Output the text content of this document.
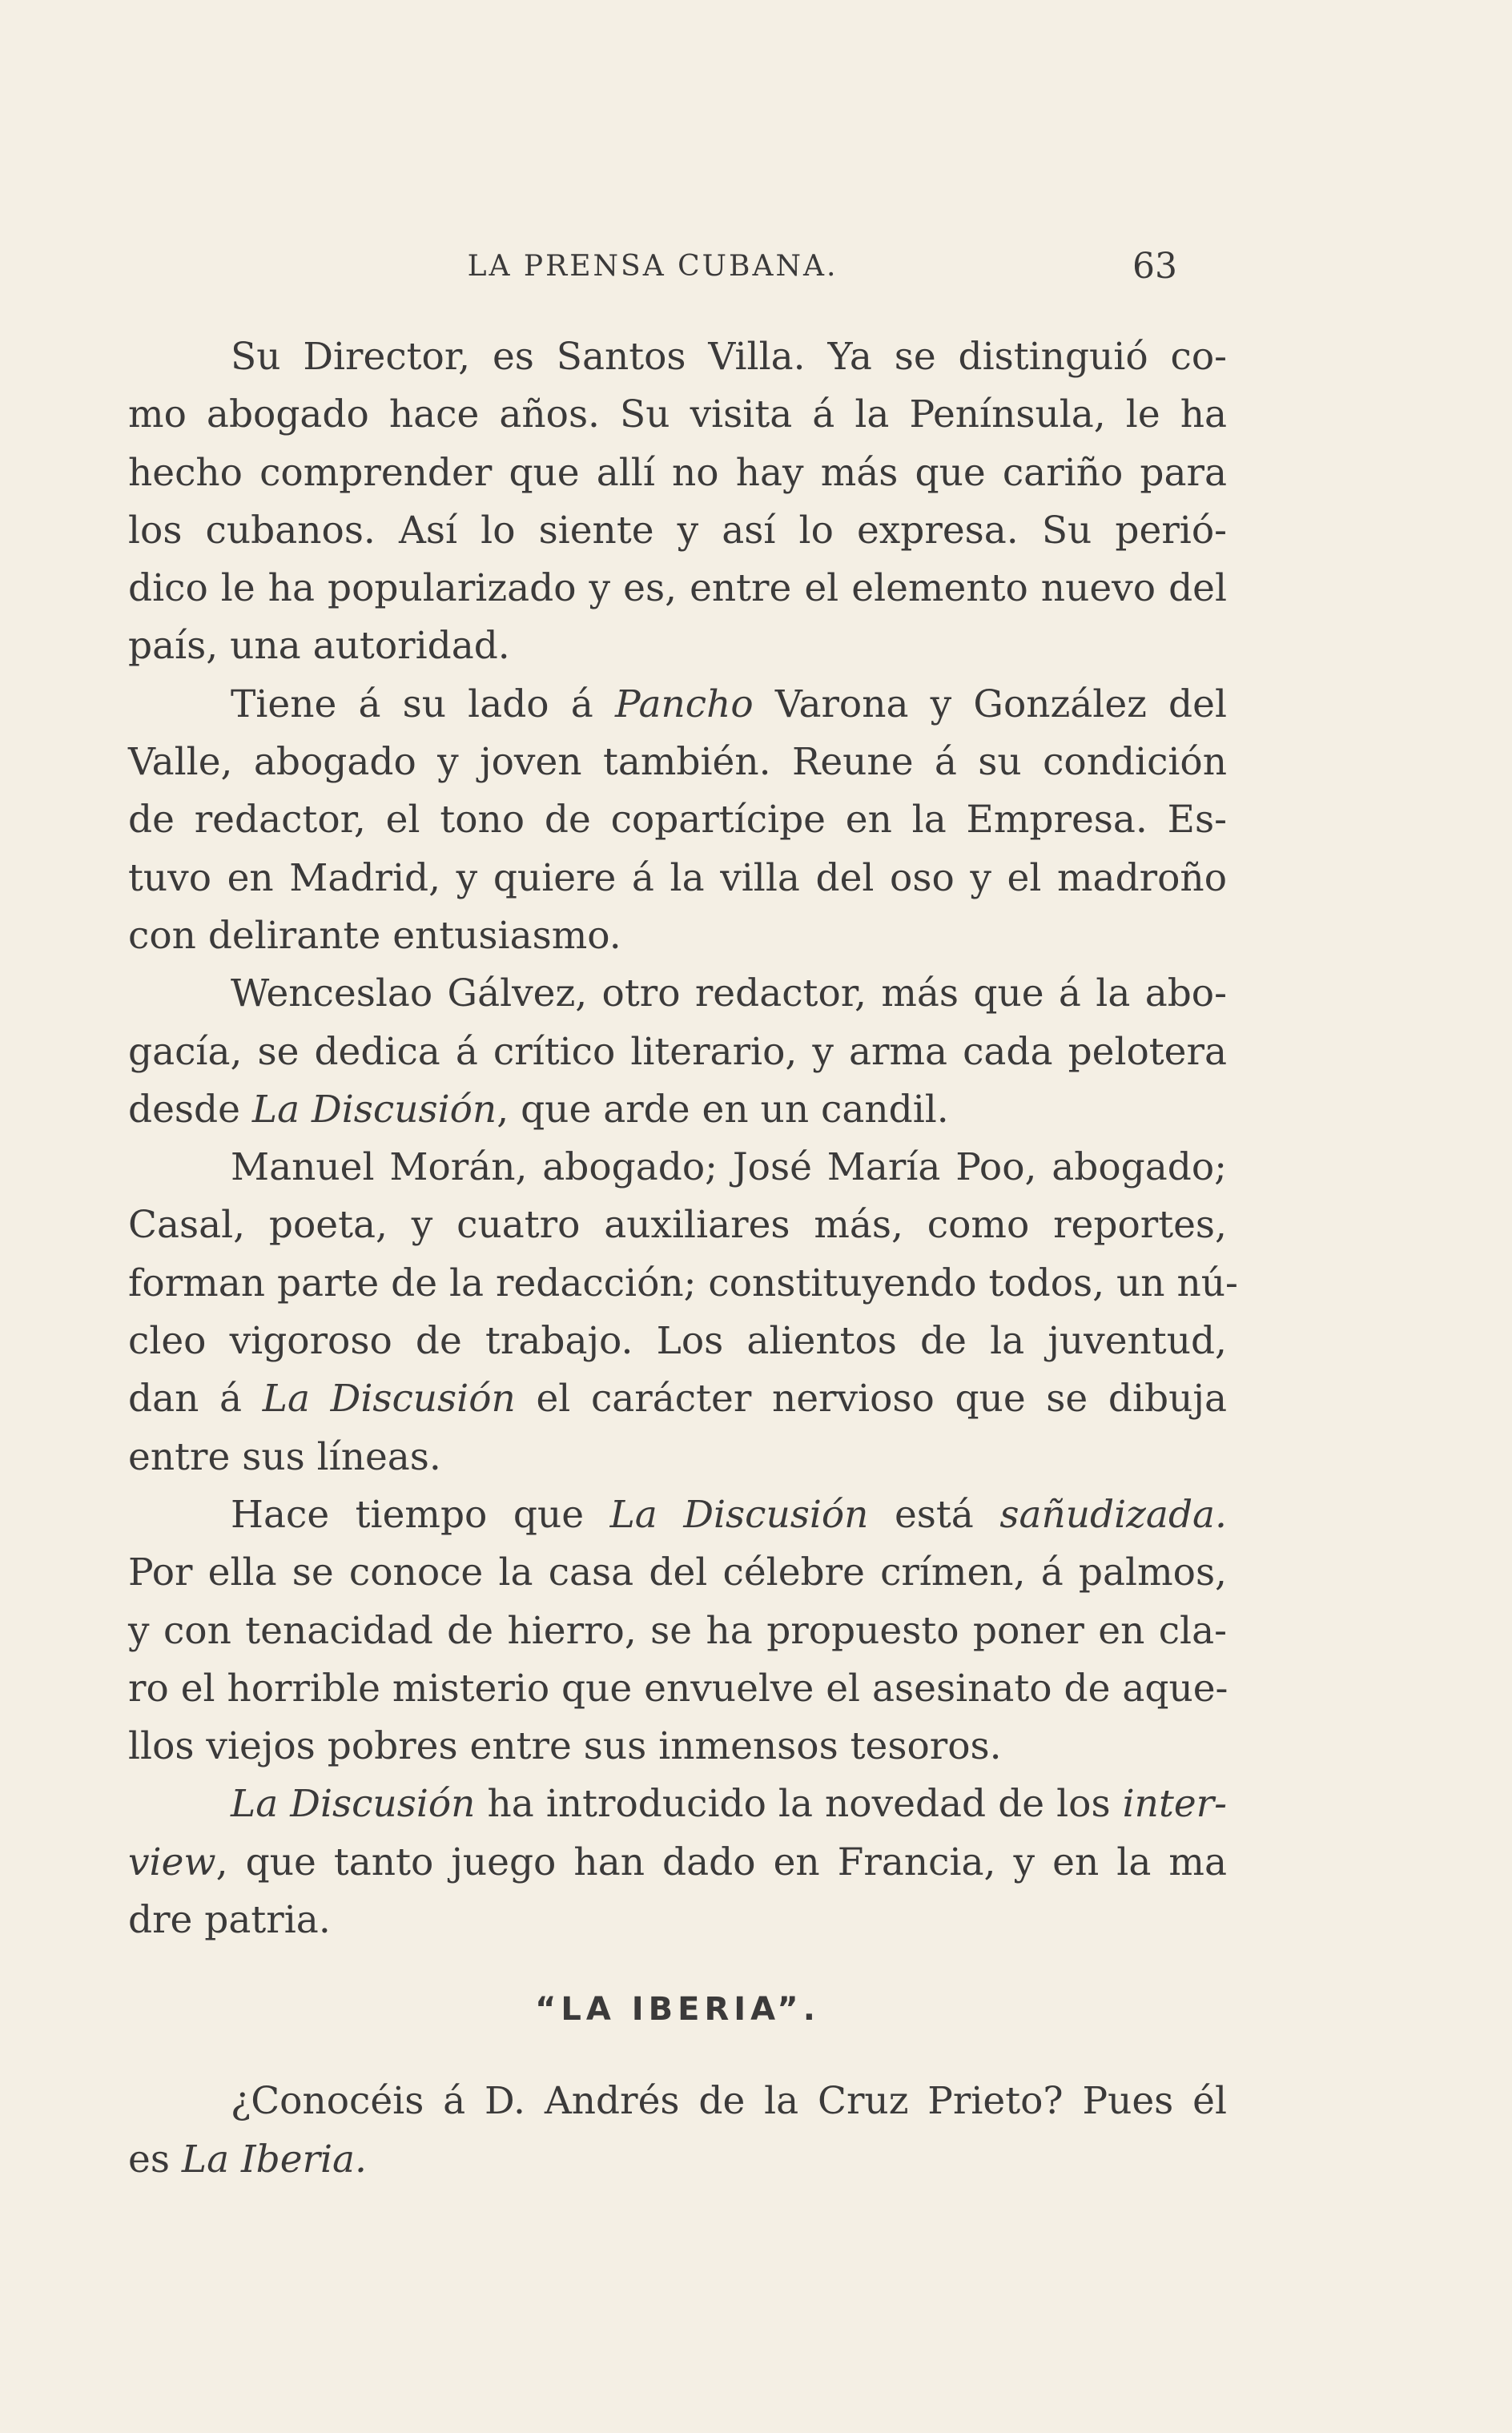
LA PRENSA CUBANA.	63
Su Director, es Santos Villa. Ya se distinguió co-
mo abogado hace años. Su visita á la Península, le ha
hecho comprender que allí no hay más que cariño para
los cubanos. Así lo siente y así lo expresa. Su perió-
dico le ha popularizado y es, entre el elemento nuevo del
país, una autoridad.
Tiene á su lado á Pancho Varona y González del
Valle, abogado y joven también. Reune á su condición
de redactor, el tono de copartícipe en la Empresa. Es-
tuvo en Madrid, y quiere á la villa del oso y el madroño
con delirante entusiasmo.
Wenceslao Gálvez, otro redactor, más que á la abo-
gacía, se dedica á crítico literario, y arma cada pelotera
desde La Discusión, que arde en un candil.
Manuel Morán, abogado; José María Poo, abogado;
Casal, poeta, y cuatro auxiliares más, como reportes,
forman parte de la redacción; constituyendo todos, un nú-
cleo vigoroso de trabajo. Los alientos de la juventud,
dan á La Discusión el carácter nervioso que se dibuja
entre sus líneas.
Hace tiempo que La Discusión está sañudizada.
Por ella se conoce la casa del célebre crímen, á palmos,
y con tenacidad de hierro, se ha propuesto poner en cla-
ro el horrible misterio que envuelve el asesinato de aque-
llos viejos pobres entre sus inmensos tesoros.
La Discusión ha introducido la novedad de los inter-
view, que tanto juego han dado en Francia, y en la ma
dre patria.
“LA IBERIA”.
¿Conocéis á D. Andrés de la Cruz Prieto? Pues él
es La Iberia.
